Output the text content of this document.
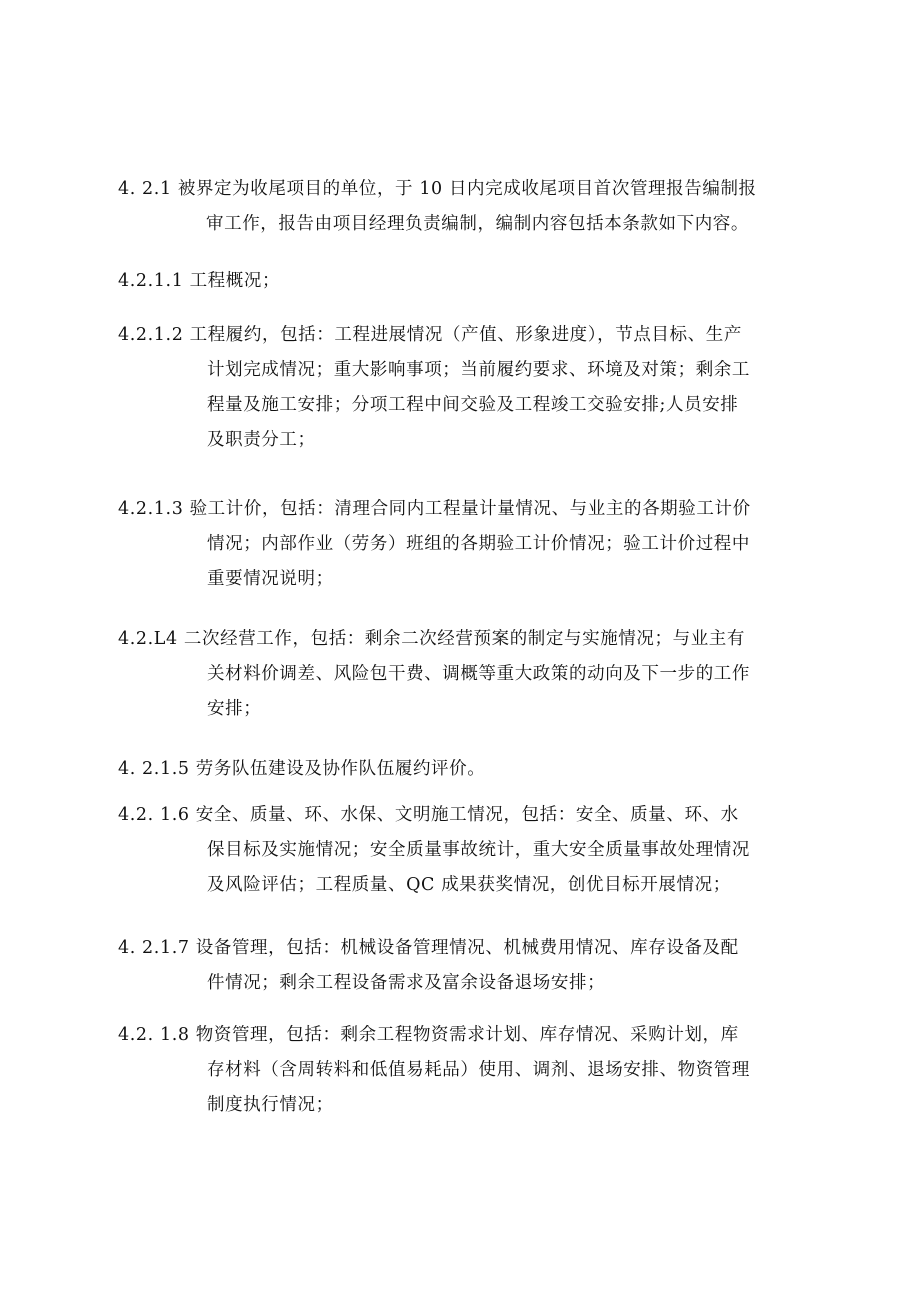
4. 2.1 被界定为收尾项目的单位，于 10 日内完成收尾项目首次管理报告编制报
审工作，报告由项目经理负责编制，编制内容包括本条款如下内容。
4.2.1.1 工程概况；
4.2.1.2 工程履约，包括：工程进展情况（产值、形象进度），节点目标、生产
计划完成情况；重大影响事项；当前履约要求、环境及对策；剩余工
程量及施工安排；分项工程中间交验及工程竣工交验安排;人员安排
及职责分工；
4.2.1.3 验工计价，包括：清理合同内工程量计量情况、与业主的各期验工计价
情况；内部作业（劳务）班组的各期验工计价情况；验工计价过程中
重要情况说明；
4.2.L4 二次经营工作，包括：剩余二次经营预案的制定与实施情况；与业主有
关材料价调差、风险包干费、调概等重大政策的动向及下一步的工作
安排；
4. 2.1.5 劳务队伍建设及协作队伍履约评价。
4.2. 1.6 安全、质量、环、水保、文明施工情况，包括：安全、质量、环、水
保目标及实施情况；安全质量事故统计，重大安全质量事故处理情况
及风险评估；工程质量、QC 成果获奖情况，创优目标开展情况；
4. 2.1.7 设备管理，包括：机械设备管理情况、机械费用情况、库存设备及配
件情况；剩余工程设备需求及富余设备退场安排；
4.2. 1.8 物资管理，包括：剩余工程物资需求计划、库存情况、采购计划，库
存材料（含周转料和低值易耗品）使用、调剂、退场安排、物资管理
制度执行情况；
